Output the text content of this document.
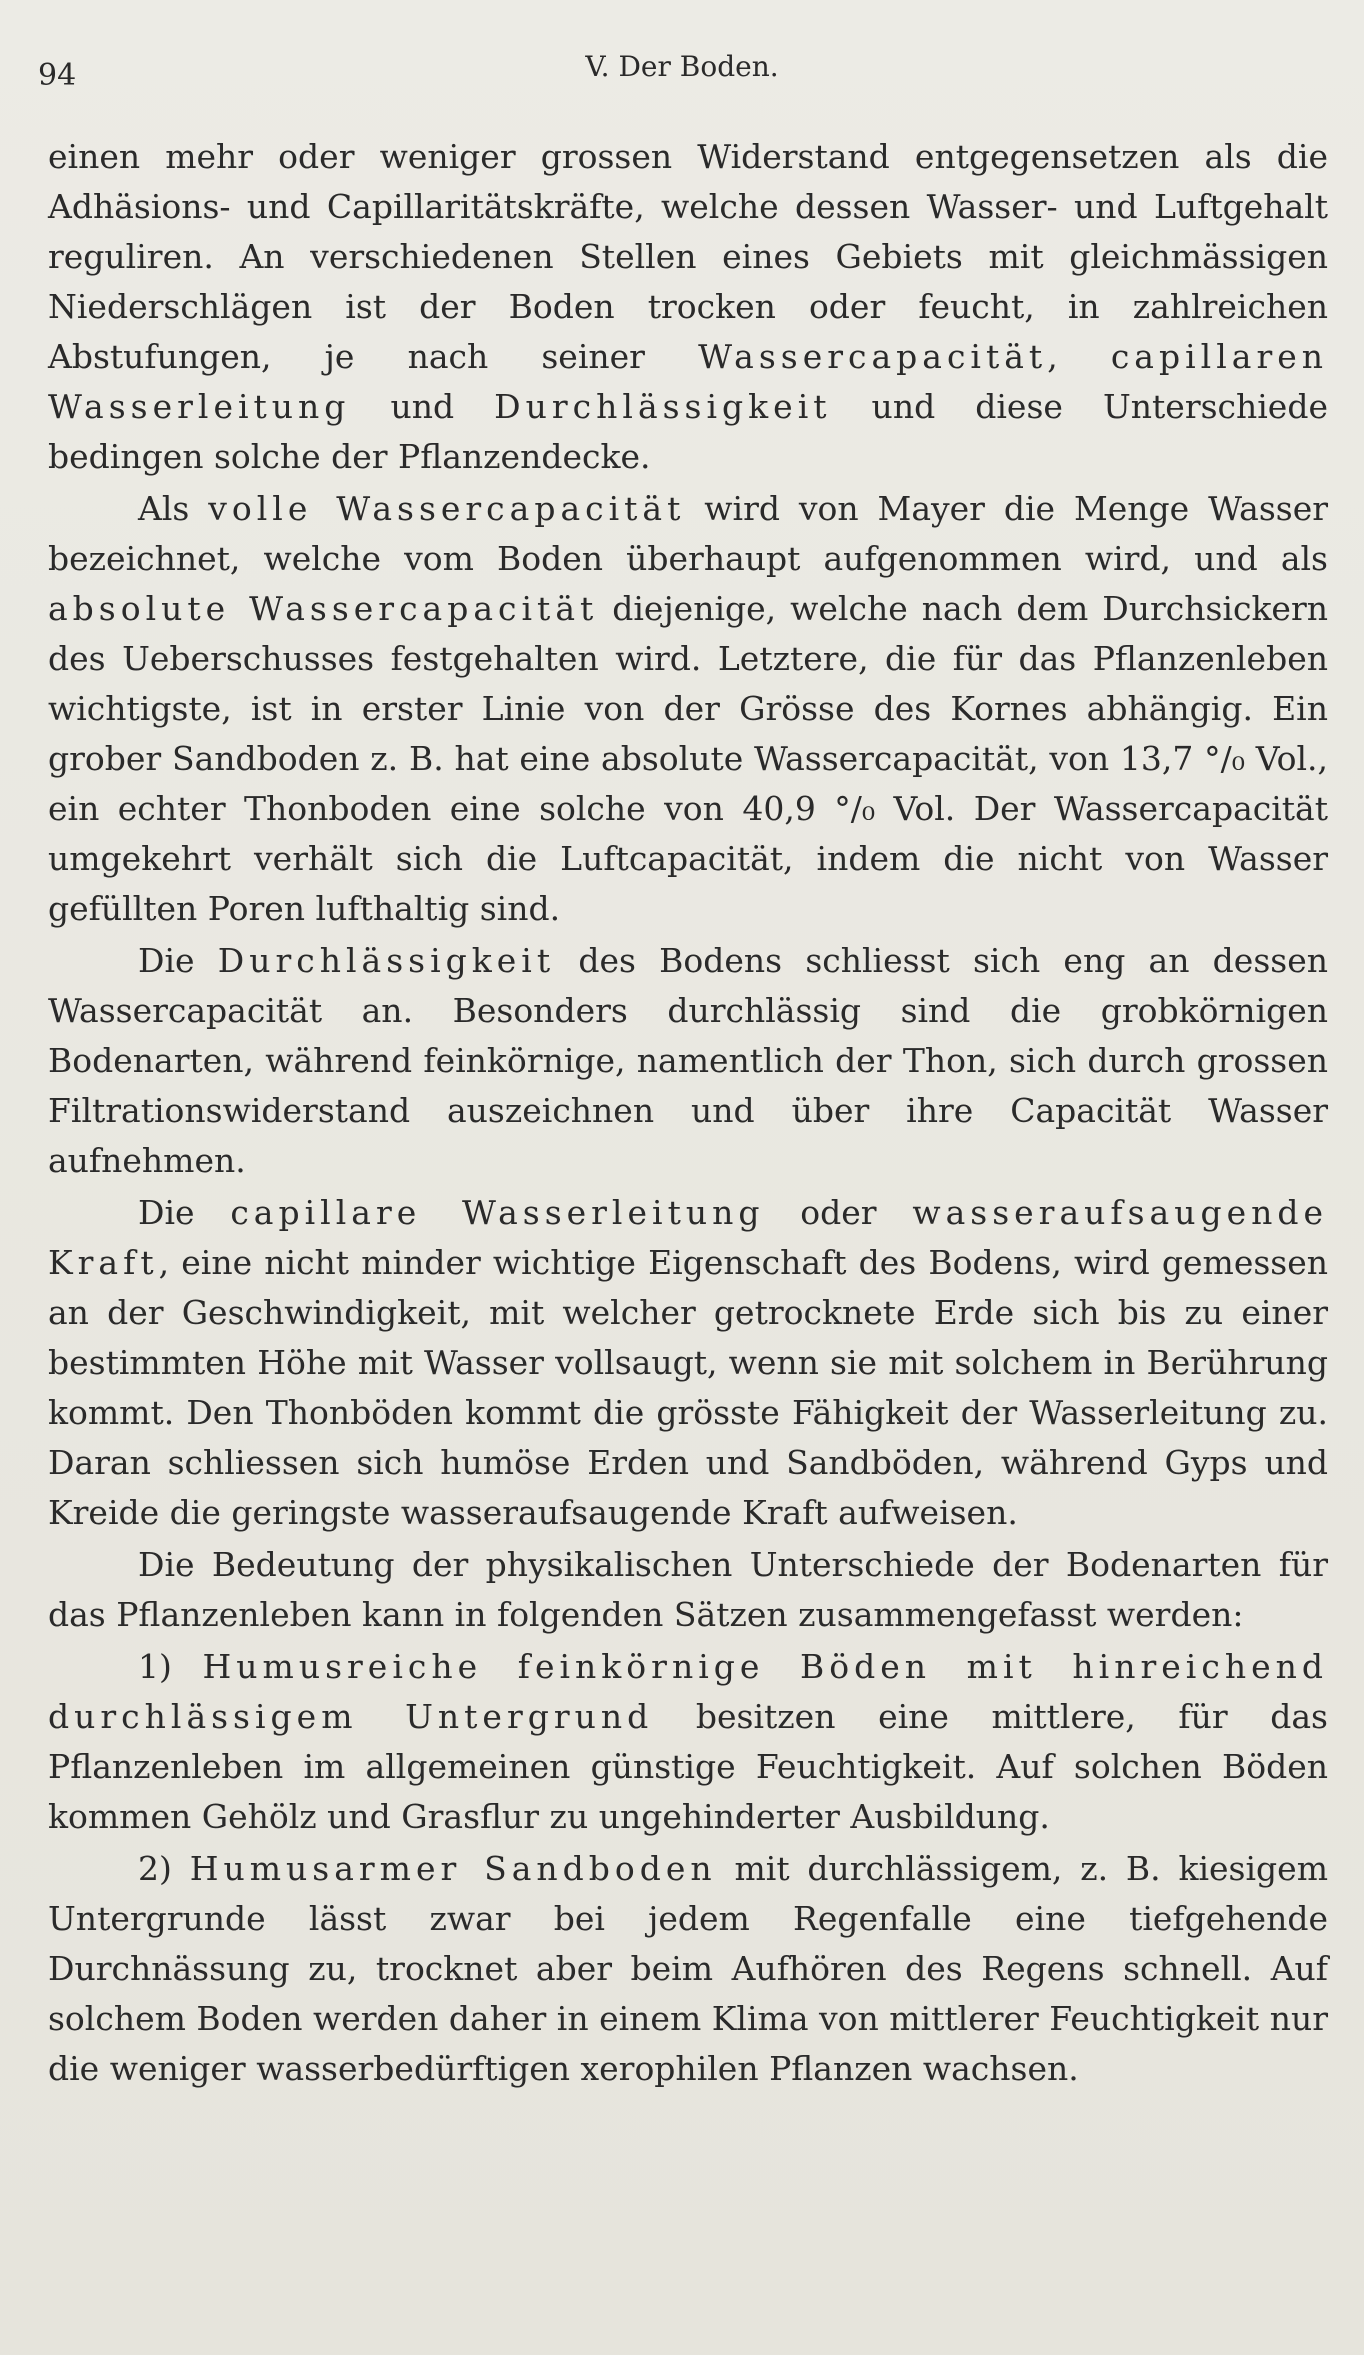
94	V. Der Boden.

einen mehr oder weniger grossen Widerstand entgegensetzen als die Adhäsions- und Capillaritätskräfte, welche dessen Wasser- und Luftgehalt reguliren. An verschiedenen Stellen eines Gebiets mit gleichmässigen Niederschlägen ist der Boden trocken oder feucht, in zahlreichen Abstufungen, je nach seiner Wassercapacität, capillaren Wasserleitung und Durchlässigkeit und diese Unterschiede bedingen solche der Pflanzendecke.

Als volle Wassercapacität wird von Mayer die Menge Wasser bezeichnet, welche vom Boden überhaupt aufgenommen wird, und als absolute Wassercapacität diejenige, welche nach dem Durchsickern des Ueberschusses festgehalten wird. Letztere, die für das Pflanzenleben wichtigste, ist in erster Linie von der Grösse des Kornes abhängig. Ein grober Sandboden z. B. hat eine absolute Wassercapacität, von 13,7 °/₀ Vol., ein echter Thonboden eine solche von 40,9 °/₀ Vol. Der Wassercapacität umgekehrt verhält sich die Luftcapacität, indem die nicht von Wasser gefüllten Poren lufthaltig sind.

Die Durchlässigkeit des Bodens schliesst sich eng an dessen Wassercapacität an. Besonders durchlässig sind die grobkörnigen Bodenarten, während feinkörnige, namentlich der Thon, sich durch grossen Filtrationswiderstand auszeichnen und über ihre Capacität Wasser aufnehmen.

Die capillare Wasserleitung oder wasseraufsaugende Kraft, eine nicht minder wichtige Eigenschaft des Bodens, wird gemessen an der Geschwindigkeit, mit welcher getrocknete Erde sich bis zu einer bestimmten Höhe mit Wasser vollsaugt, wenn sie mit solchem in Berührung kommt. Den Thonböden kommt die grösste Fähigkeit der Wasserleitung zu. Daran schliessen sich humöse Erden und Sandböden, während Gyps und Kreide die geringste wasseraufsaugende Kraft aufweisen.

Die Bedeutung der physikalischen Unterschiede der Bodenarten für das Pflanzenleben kann in folgenden Sätzen zusammengefasst werden:

1) Humusreiche feinkörnige Böden mit hinreichend durchlässigem Untergrund besitzen eine mittlere, für das Pflanzenleben im allgemeinen günstige Feuchtigkeit. Auf solchen Böden kommen Gehölz und Grasflur zu ungehinderter Ausbildung.

2) Humusarmer Sandboden mit durchlässigem, z. B. kiesigem Untergrunde lässt zwar bei jedem Regenfalle eine tiefgehende Durchnässung zu, trocknet aber beim Aufhören des Regens schnell. Auf solchem Boden werden daher in einem Klima von mittlerer Feuchtigkeit nur die weniger wasserbedürftigen xerophilen Pflanzen wachsen.
